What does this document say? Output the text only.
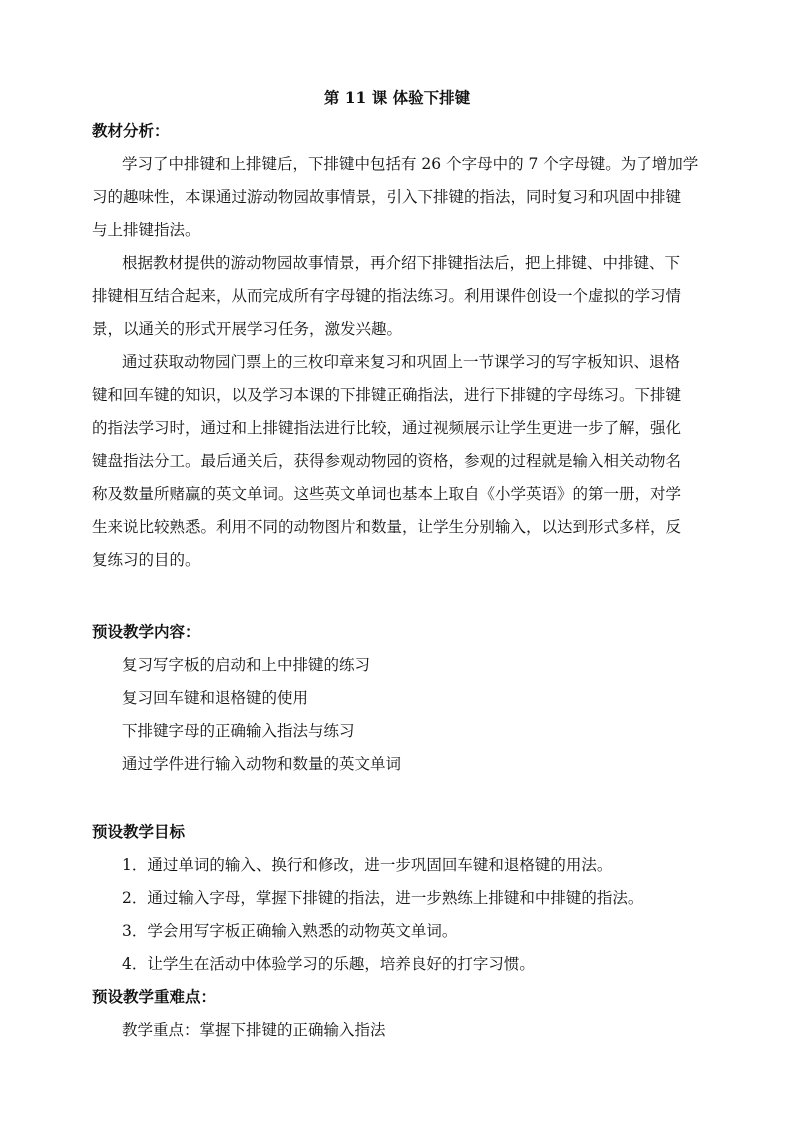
第 11 课 体验下排键
教材分析：
学习了中排键和上排键后，下排键中包括有 26 个字母中的 7 个字母键。为了增加学
习的趣味性，本课通过游动物园故事情景，引入下排键的指法，同时复习和巩固中排键
与上排键指法。
根据教材提供的游动物园故事情景，再介绍下排键指法后，把上排键、中排键、下
排键相互结合起来，从而完成所有字母键的指法练习。利用课件创设一个虚拟的学习情
景，以通关的形式开展学习任务，激发兴趣。
通过获取动物园门票上的三枚印章来复习和巩固上一节课学习的写字板知识、退格
键和回车键的知识，以及学习本课的下排键正确指法，进行下排键的字母练习。下排键
的指法学习时，通过和上排键指法进行比较，通过视频展示让学生更进一步了解，强化
键盘指法分工。最后通关后，获得参观动物园的资格，参观的过程就是输入相关动物名
称及数量所赌赢的英文单词。这些英文单词也基本上取自《小学英语》的第一册，对学
生来说比较熟悉。利用不同的动物图片和数量，让学生分别输入，以达到形式多样，反
复练习的目的。
预设教学内容：
复习写字板的启动和上中排键的练习
复习回车键和退格键的使用
下排键字母的正确输入指法与练习
通过学件进行输入动物和数量的英文单词
预设教学目标
1．通过单词的输入、换行和修改，进一步巩固回车键和退格键的用法。
2．通过输入字母，掌握下排键的指法，进一步熟练上排键和中排键的指法。
3．学会用写字板正确输入熟悉的动物英文单词。
4．让学生在活动中体验学习的乐趣，培养良好的打字习惯。
预设教学重难点：
教学重点：掌握下排键的正确输入指法
